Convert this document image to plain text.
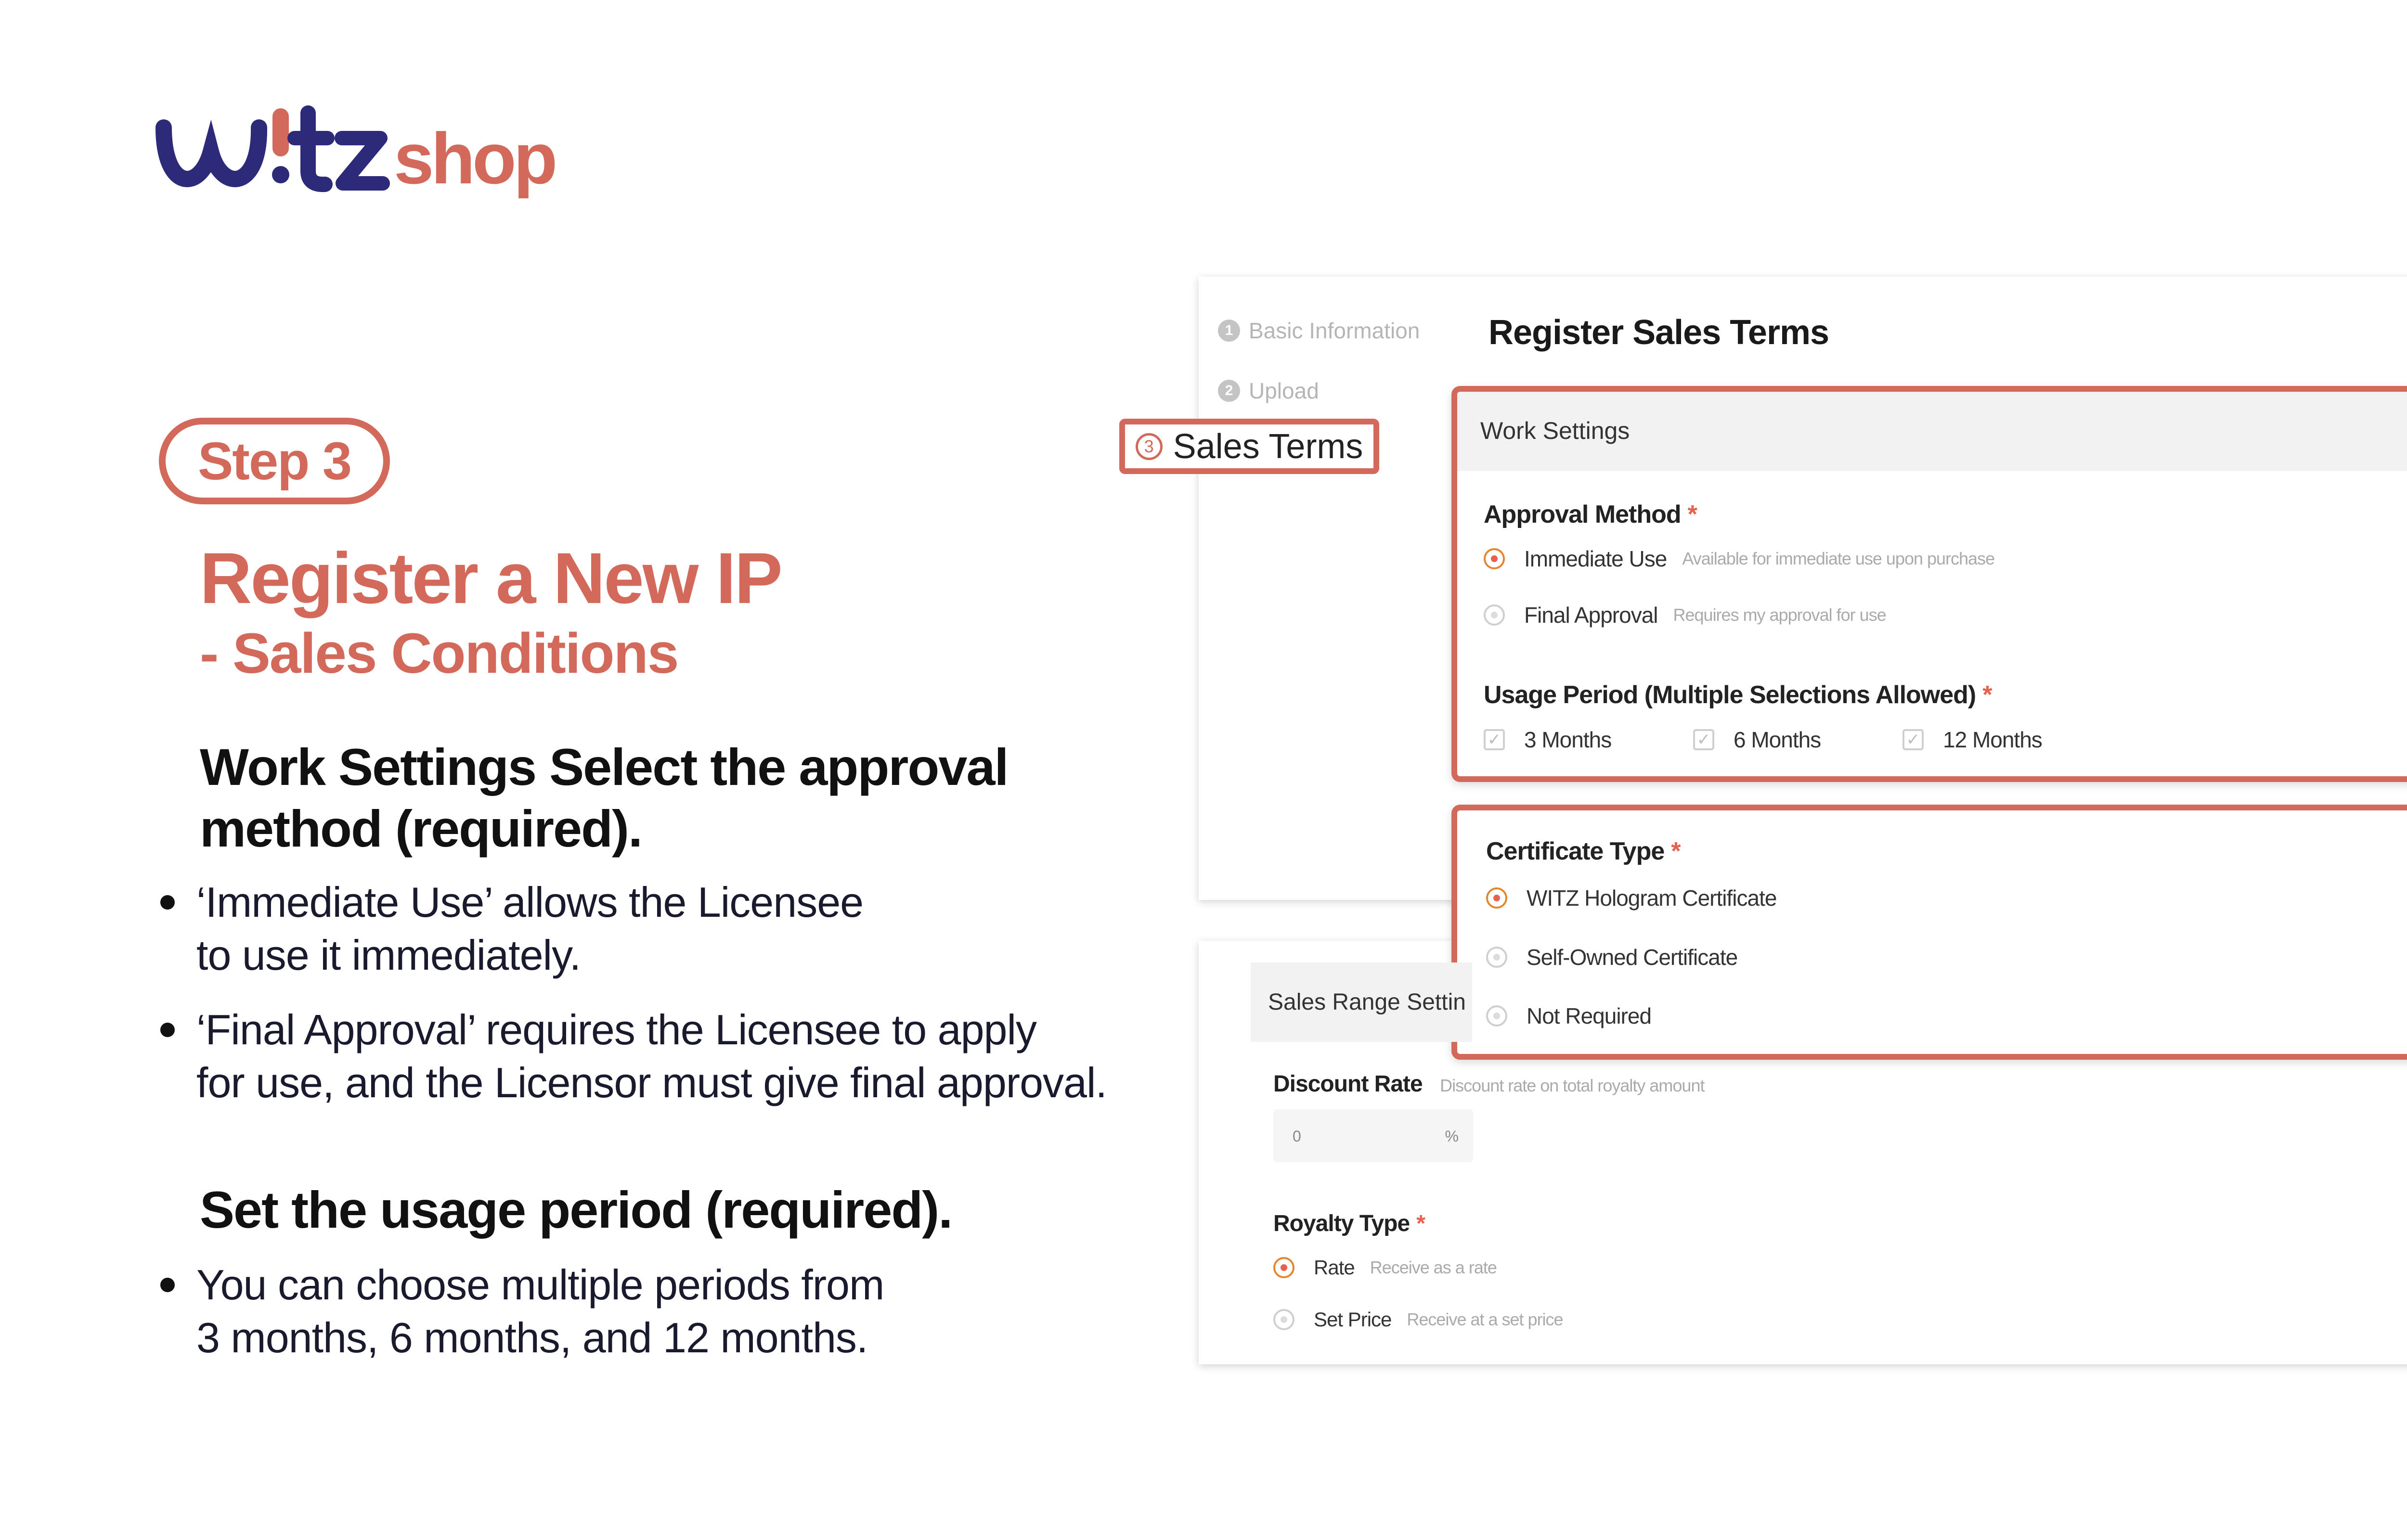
shop
Step 3
Register a New IP
- Sales Conditions
Work Settings Select the approval
method (required).
‘Immediate Use’ allows the Licensee
to use it immediately.
‘Final Approval’ requires the Licensee to apply
for use, and the Licensor must give final approval.
Set the usage period (required).
You can choose multiple periods from
3 months, 6 months, and 12 months.
1 Basic Information
2 Upload
3 Sales Terms
Register Sales Terms
Work Settings
Approval Method *
Immediate Use Available for immediate use upon purchase
Final Approval Requires my approval for use
Usage Period (Multiple Selections Allowed) *
✓ 3 Months	✓ 6 Months	✓ 12 Months
Certificate Type *
WITZ Hologram Certificate
Self-Owned Certificate
Not Required
Sales Range Settin
Discount Rate Discount rate on total royalty amount
0	%
Royalty Type *
Rate Receive as a rate
Set Price Receive at a set price
